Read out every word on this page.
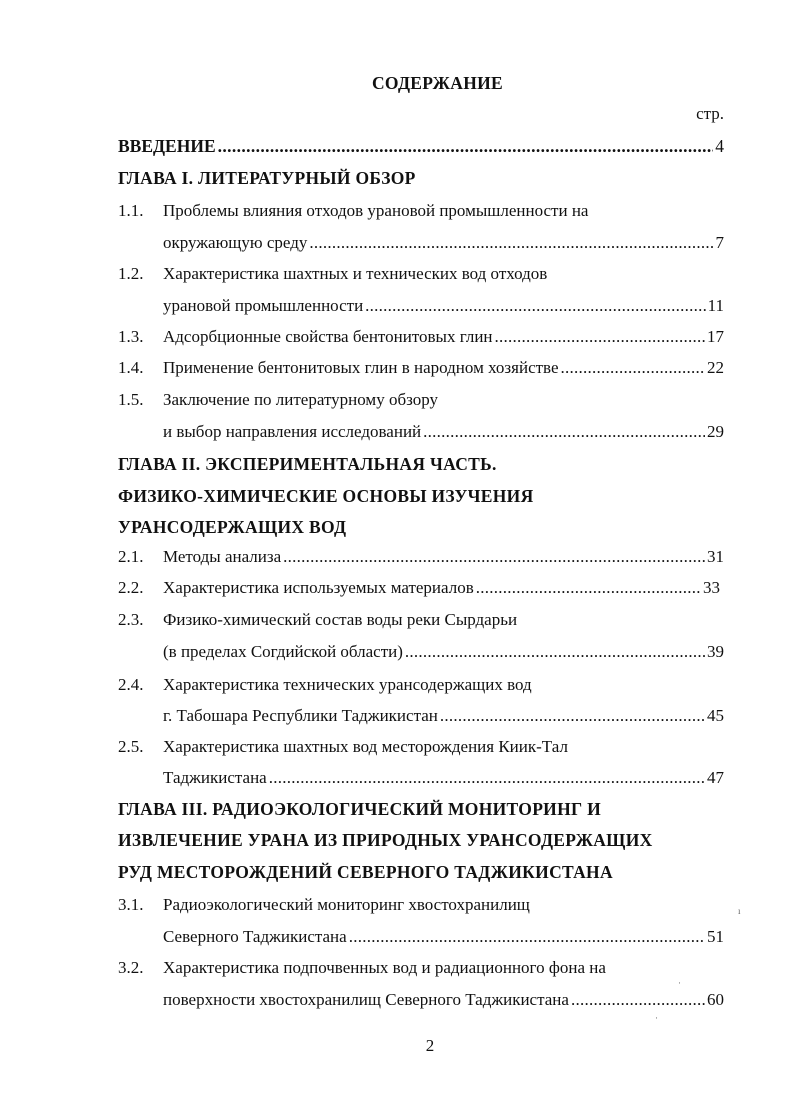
СОДЕРЖАНИЕ
стр.
ВВЕДЕНИЕ . . .	4
ГЛАВА I. ЛИТЕРАТУРНЫЙ ОБЗОР
1.1. Проблемы влияния отходов урановой промышленности на
окружающую среду . . .	7
1.2. Характеристика шахтных и технических вод отходов
урановой промышленности . . .	11
1.3. Адсорбционные свойства бентонитовых глин . . .	17
1.4. Применение бентонитовых глин в народном хозяйстве . . .	22
1.5. Заключение по литературному обзору
и выбор направления исследований . . .	29
ГЛАВА II. ЭКСПЕРИМЕНТАЛЬНАЯ ЧАСТЬ.
ФИЗИКО-ХИМИЧЕСКИЕ ОСНОВЫ ИЗУЧЕНИЯ
УРАНСОДЕРЖАЩИХ ВОД
2.1. Методы анализа . . .	31
2.2. Характеристика используемых материалов . . .	33
2.3. Физико-химический состав воды реки Сырдарьи
(в пределах Согдийской области) . . .	39
2.4. Характеристика технических урансодержащих вод
г. Табошара Республики Таджикистан . . .	45
2.5. Характеристика шахтных вод месторождения Киик-Тал
Таджикистана . . .	47
ГЛАВА III. РАДИОЭКОЛОГИЧЕСКИЙ МОНИТОРИНГ И
ИЗВЛЕЧЕНИЕ УРАНА ИЗ ПРИРОДНЫХ УРАНСОДЕРЖАЩИХ
РУД МЕСТОРОЖДЕНИЙ СЕВЕРНОГО ТАДЖИКИСТАНА
3.1. Радиоэкологический мониторинг хвостохранилищ
Северного Таджикистана . . .	51
3.2. Характеристика подпочвенных вод и радиационного фона на
поверхности хвостохранилищ Северного Таджикистана . . .	60
2
ı
·
·
